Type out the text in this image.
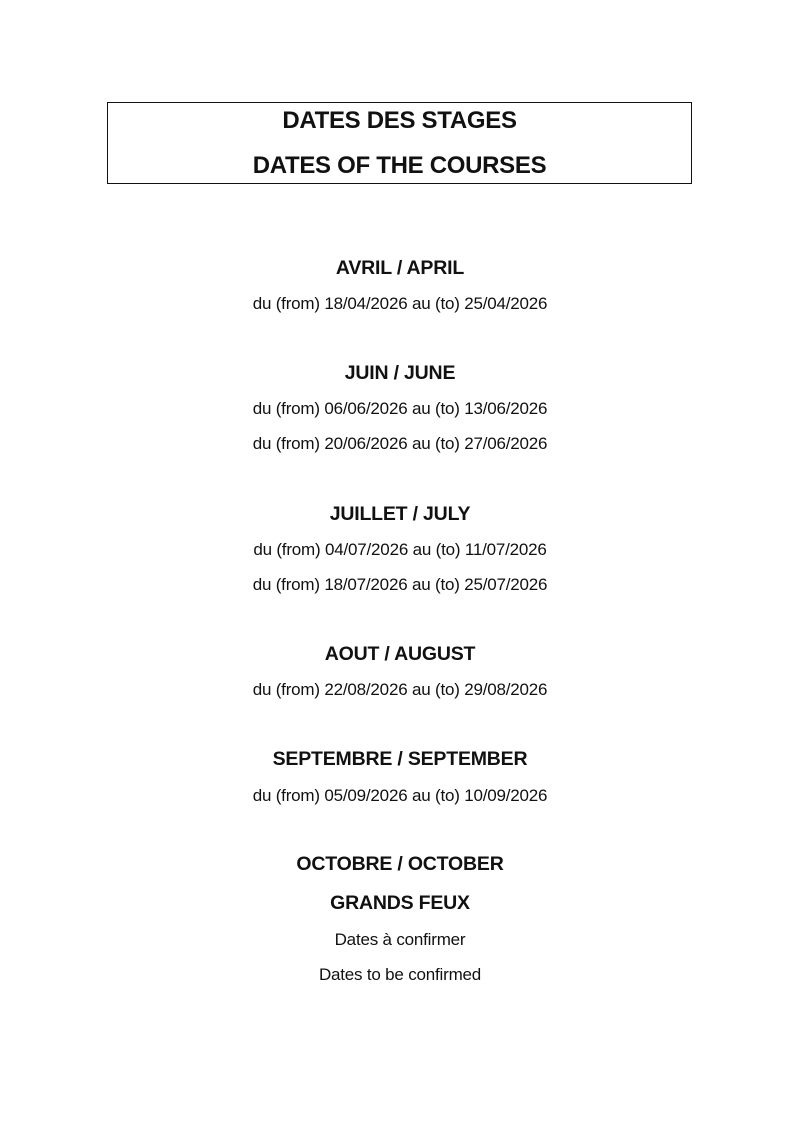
DATES DES STAGES
DATES OF THE COURSES
AVRIL / APRIL
du (from) 18/04/2026 au (to) 25/04/2026
JUIN / JUNE
du (from) 06/06/2026 au (to) 13/06/2026
du (from) 20/06/2026 au (to) 27/06/2026
JUILLET / JULY
du (from) 04/07/2026 au (to) 11/07/2026
du (from) 18/07/2026 au (to) 25/07/2026
AOUT / AUGUST
du (from) 22/08/2026 au (to) 29/08/2026
SEPTEMBRE / SEPTEMBER
du (from) 05/09/2026 au (to) 10/09/2026
OCTOBRE / OCTOBER
GRANDS FEUX
Dates à confirmer
Dates to be confirmed
